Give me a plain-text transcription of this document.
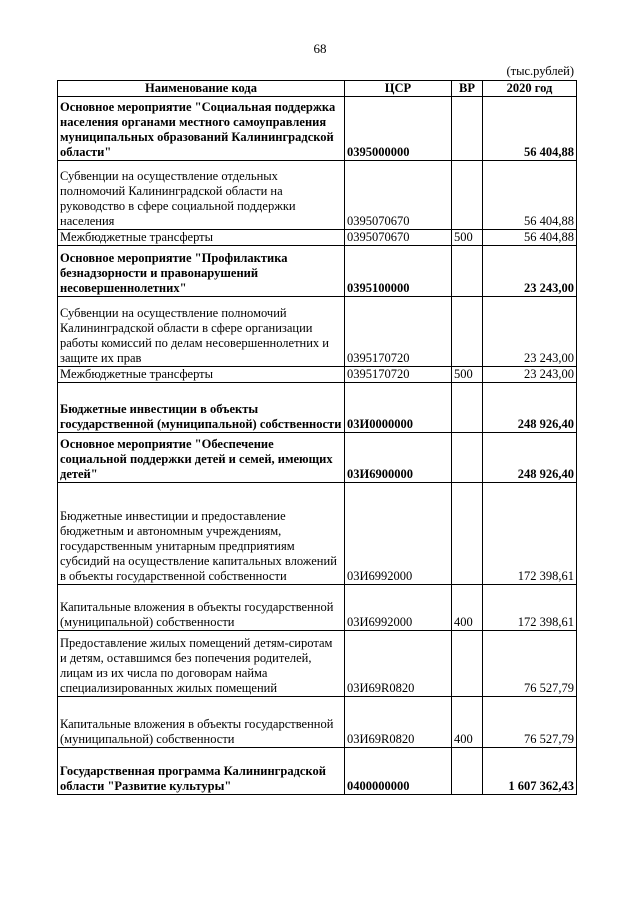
68
(тыс.рублей)
Наименование кода	ЦСР	ВР	2020 год
Основное мероприятие "Социальная поддержка населения органами местного самоуправления муниципальных образований Калининградской области"	0395000000		56 404,88
Субвенции на осуществление отдельных полномочий Калининградской области на руководство в сфере социальной поддержки населения	0395070670		56 404,88
Межбюджетные трансферты	0395070670	500	56 404,88
Основное мероприятие "Профилактика безнадзорности и правонарушений несовершеннолетних"	0395100000		23 243,00
Субвенции на осуществление полномочий Калининградской области в сфере организации работы комиссий по делам несовершеннолетних и защите их прав	0395170720		23 243,00
Межбюджетные трансферты	0395170720	500	23 243,00
Бюджетные инвестиции в объекты государственной (муниципальной) собственности	03И0000000		248 926,40
Основное мероприятие "Обеспечение социальной поддержки детей и семей, имеющих детей"	03И6900000		248 926,40
Бюджетные инвестиции и предоставление бюджетным и автономным учреждениям, государственным унитарным предприятиям субсидий на осуществление капитальных вложений в объекты государственной собственности	03И6992000		172 398,61
Капитальные вложения в объекты государственной (муниципальной) собственности	03И6992000	400	172 398,61
Предоставление жилых помещений детям-сиротам и детям, оставшимся без попечения родителей, лицам из их числа по договорам найма специализированных жилых помещений	03И69R0820		76 527,79
Капитальные вложения в объекты государственной (муниципальной) собственности	03И69R0820	400	76 527,79
Государственная программа Калининградской области "Развитие культуры"	0400000000		1 607 362,43
